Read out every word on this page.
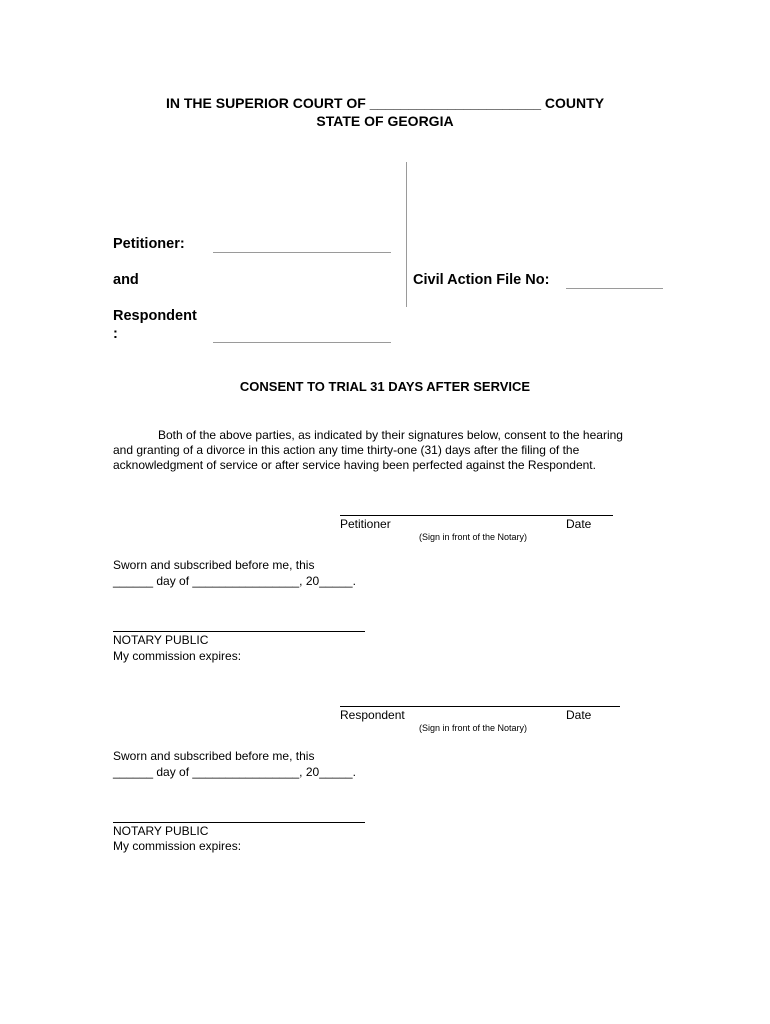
IN THE SUPERIOR COURT OF ______________________ COUNTY
STATE OF GEORGIA
Petitioner:
and	Civil Action File No:
Respondent
:
CONSENT TO TRIAL 31 DAYS AFTER SERVICE
Both of the above parties, as indicated by their signatures below, consent to the hearing
and granting of a divorce in this action any time thirty-one (31) days after the filing of the
acknowledgment of service or after service having been perfected against the Respondent.
Petitioner	Date
(Sign in front of the Notary)
Sworn and subscribed before me, this
______ day of ________________, 20_____.
NOTARY PUBLIC
My commission expires:
Respondent	Date
(Sign in front of the Notary)
Sworn and subscribed before me, this
______ day of ________________, 20_____.
NOTARY PUBLIC
My commission expires:
